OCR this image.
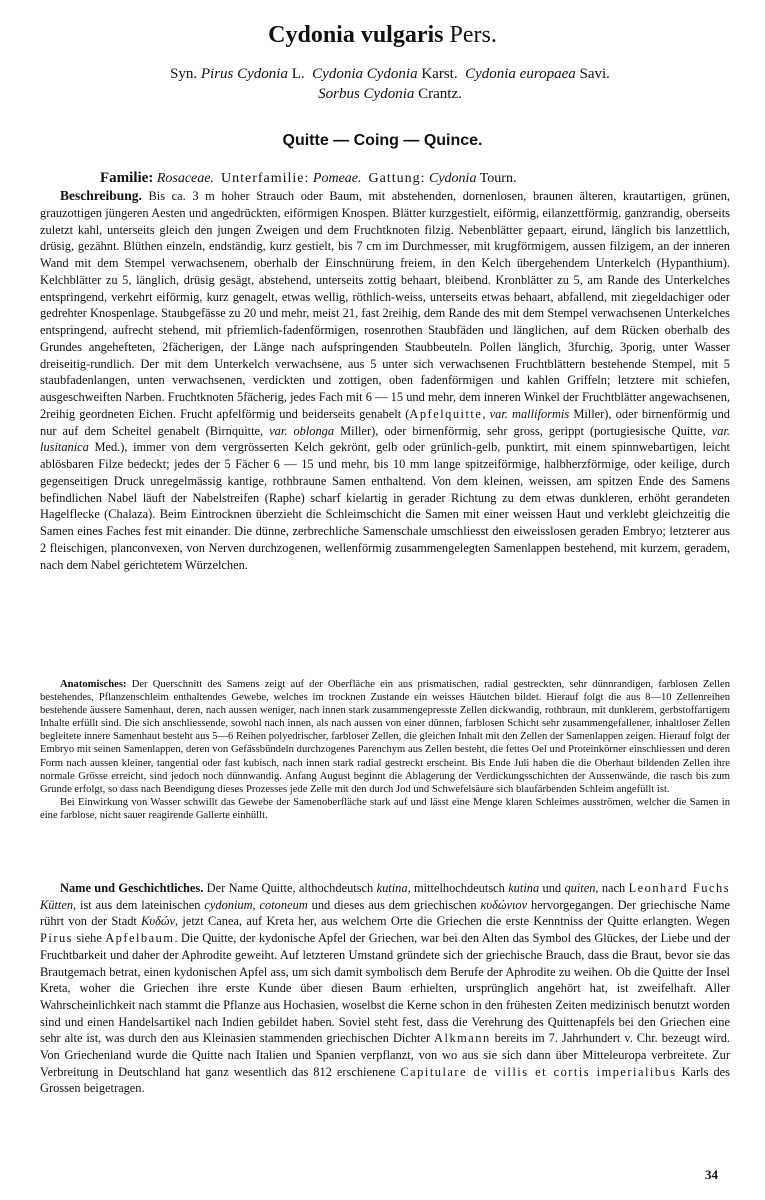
Cydonia vulgaris Pers.
Syn. Pirus Cydonia L. Cydonia Cydonia Karst. Cydonia europaea Savi.
Sorbus Cydonia Crantz.
Quitte — Coing — Quince.
Familie: Rosaceae. Unterfamilie: Pomeae. Gattung: Cydonia Tourn.

Beschreibung. Bis ca. 3 m hoher Strauch oder Baum, mit abstehenden, dornenlosen, braunen älteren, krautartigen, grünen, grauzottigen jüngeren Aesten und angedrückten, eiförmigen Knospen. Blätter kurzgestielt, eiförmig, eilanzettförmig, ganzrandig, oberseits zuletzt kahl, unterseits gleich den jungen Zweigen und dem Fruchtknoten filzig. Nebenblätter gepaart, eirund, länglich bis lanzettlich, drüsig, gezähnt. Blüthen einzeln, endständig, kurz gestielt, bis 7 cm im Durchmesser, mit krugförmigem, aussen filzigem, an der inneren Wand mit dem Stempel verwachsenem, oberhalb der Einschnürung freiem, in den Kelch übergehendem Unterkelch (Hypanthium). Kelchblätter zu 5, länglich, drüsig gesägt, abstehend, unterseits zottig behaart, bleibend. Kronblätter zu 5, am Rande des Unterkelches entspringend, verkehrt eiförmig, kurz genagelt, etwas wellig, röthlich-weiss, unterseits etwas behaart, abfallend, mit ziegeldachiger oder gedrehter Knospenlage. Staubgefässe zu 20 und mehr, meist 21, fast 2reihig, dem Rande des mit dem Stempel verwachsenen Unterkelches entspringend, aufrecht stehend, mit pfriemlich-fadenförmigen, rosenrothen Staubfäden und länglichen, auf dem Rücken oberhalb des Grundes angehefteten, 2fächerigen, der Länge nach aufspringenden Staubbeuteln. Pollen länglich, 3furchig, 3porig, unter Wasser dreiseitig-rundlich. Der mit dem Unterkelch verwachsene, aus 5 unter sich verwachsenen Fruchtblättern bestehende Stempel, mit 5 staubfadenlangen, unten verwachsenen, verdickten und zottigen, oben fadenförmigen und kahlen Griffeln; letztere mit schiefen, ausgeschweiften Narben. Fruchtknoten 5fächerig, jedes Fach mit 6 — 15 und mehr, dem inneren Winkel der Fruchtblätter angewachsenen, 2reihig geordneten Eichen. Frucht apfelförmig und beiderseits genabelt (Apfelquitte, var. malliformis Miller), oder birnenförmig und nur auf dem Scheitel genabelt (Birnquitte, var. oblonga Miller), oder birnenförmig, sehr gross, gerippt (portugiesische Quitte, var. lusitanica Med.), immer von dem vergrösserten Kelch gekrönt, gelb oder grünlich-gelb, punktirt, mit einem spinnwebartigen, leicht ablösbaren Filze bedeckt; jedes der 5 Fächer 6 — 15 und mehr, bis 10 mm lange spitzeiförmige, halbherzförmige, oder keilige, durch gegenseitigen Druck unregelmässig kantige, rothbraune Samen enthaltend. Von dem kleinen, weissen, am spitzen Ende des Samens befindlichen Nabel läuft der Nabelstreifen (Raphe) scharf kielartig in gerader Richtung zu dem etwas dunkleren, erhöht gerandeten Hagelflecke (Chalaza). Beim Eintrocknen überzieht die Schleimschicht die Samen mit einer weissen Haut und verklebt gleichzeitig die Samen eines Faches fest mit einander. Die dünne, zerbrechliche Samenschale umschliesst den eiweisslosen geraden Embryo; letzterer aus 2 fleischigen, planconvexen, von Nerven durchzogenen, wellenförmig zusammengelegten Samenlappen bestehend, mit kurzem, geradem, nach dem Nabel gerichtetem Würzelchen.

Anatomisches: Der Querschnitt des Samens zeigt auf der Oberfläche ein aus prismatischen, radial gestreckten, sehr dünnrandigen, farblosen Zellen bestehendes, Pflanzenschleim enthaltendes Gewebe, welches im trocknen Zustande ein weisses Häutchen bildet. Hierauf folgt die aus 8—10 Zellenreihen bestehende äussere Samenhaut, deren, nach aussen weniger, nach innen stark zusammengepresste Zellen dickwandig, rothbraun, mit dunklerem, gerbstoffartigem Inhalte erfüllt sind. Die sich anschliessende, sowohl nach innen, als nach aussen von einer dünnen, farblosen Schicht sehr zusammengefallener, inhaltloser Zellen begleitete innere Samenhaut besteht aus 5—6 Reihen polyedrischer, farbloser Zellen, die gleichen Inhalt mit den Zellen der Samenlappen zeigen. Hierauf folgt der Embryo mit seinen Samenlappen, deren von Gefässbündeln durchzogenes Parenchym aus Zellen besteht, die fettes Oel und Proteinkörner einschliessen und deren Form nach aussen kleiner, tangential oder fast kubisch, nach innen stark radial gestreckt erscheint. Bis Ende Juli haben die die Oberhaut bildenden Zellen ihre normale Grösse erreicht, sind jedoch noch dünnwandig. Anfang August beginnt die Ablagerung der Verdickungsschichten der Aussenwände, die rasch bis zum Grunde erfolgt, so dass nach Beendigung dieses Prozesses jede Zelle mit den durch Jod und Schwefelsäure sich blaufärbenden Schleim angefüllt ist.

Bei Einwirkung von Wasser schwillt das Gewebe der Samenoberfläche stark auf und lässt eine Menge klaren Schleimes ausströmen, welcher die Samen in eine farblose, nicht sauer reagirende Gallerte einhüllt.

Name und Geschichtliches. Der Name Quitte, althochdeutsch kutina, mittelhochdeutsch kutina und quiten, nach Leonhard Fuchs Kütten, ist aus dem lateinischen cydonium, cotoneum und dieses aus dem griechischen κυδώνιον hervorgegangen. Der griechische Name rührt von der Stadt Κυδών, jetzt Canea, auf Kreta her, aus welchem Orte die Griechen die erste Kenntniss der Quitte erlangten. Wegen Pirus siehe Apfelbaum. Die Quitte, der kydonische Apfel der Griechen, war bei den Alten das Symbol des Glückes, der Liebe und der Fruchtbarkeit und daher der Aphrodite geweiht. Auf letzteren Umstand gründete sich der griechische Brauch, dass die Braut, bevor sie das Brautgemach betrat, einen kydonischen Apfel ass, um sich damit symbolisch dem Berufe der Aphrodite zu weihen. Ob die Quitte der Insel Kreta, woher die Griechen ihre erste Kunde über diesen Baum erhielten, ursprünglich angehört hat, ist zweifelhaft. Aller Wahrscheinlichkeit nach stammt die Pflanze aus Hochasien, woselbst die Kerne schon in den frühesten Zeiten medizinisch benutzt worden sind und einen Handelsartikel nach Indien gebildet haben. Soviel steht fest, dass die Verehrung des Quittenapfels bei den Griechen eine sehr alte ist, was durch den aus Kleinasien stammenden griechischen Dichter Alkmann bereits im 7. Jahrhundert v. Chr. bezeugt wird. Von Griechenland wurde die Quitte nach Italien und Spanien verpflanzt, von wo aus sie sich dann über Mitteleuropa verbreitete. Zur Verbreitung in Deutschland hat ganz wesentlich das 812 erschienene Capitulare de villis et cortis imperialibus Karls des Grossen beigetragen.

34
